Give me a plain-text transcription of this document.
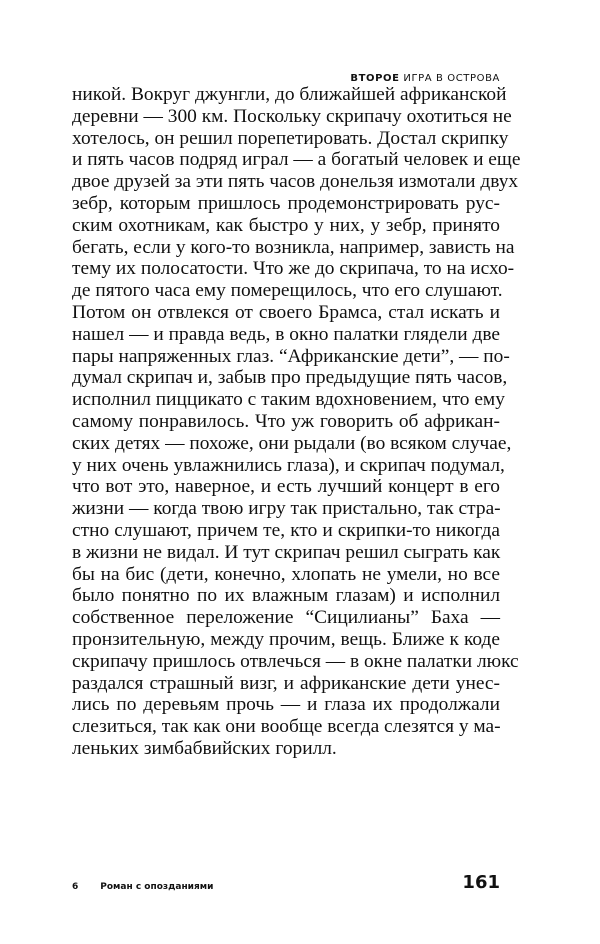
ВТОРОЕ ИГРА В ОСТРОВА
никой. Вокруг джунгли, до ближайшей африканской
деревни — 300 км. Поскольку скрипачу охотиться не
хотелось, он решил порепетировать. Достал скрипку
и пять часов подряд играл — а богатый человек и еще
двое друзей за эти пять часов донельзя измотали двух
зебр, которым пришлось продемонстрировать рус-
ским охотникам, как быстро у них, у зебр, принято
бегать, если у кого-то возникла, например, зависть на
тему их полосатости. Что же до скрипача, то на исхо-
де пятого часа ему померещилось, что его слушают.
Потом он отвлекся от своего Брамса, стал искать и
нашел — и правда ведь, в окно палатки глядели две
пары напряженных глаз. “Африканские дети”, — по-
думал скрипач и, забыв про предыдущие пять часов,
исполнил пиццикато с таким вдохновением, что ему
самому понравилось. Что уж говорить об африкан-
ских детях — похоже, они рыдали (во всяком случае,
у них очень увлажнились глаза), и скрипач подумал,
что вот это, наверное, и есть лучший концерт в его
жизни — когда твою игру так пристально, так стра-
стно слушают, причем те, кто и скрипки-то никогда
в жизни не видал. И тут скрипач решил сыграть как
бы на бис (дети, конечно, хлопать не умели, но все
было понятно по их влажным глазам) и исполнил
собственное переложение “Сицилианы” Баха —
пронзительную, между прочим, вещь. Ближе к коде
скрипачу пришлось отвлечься — в окне палатки люкс
раздался страшный визг, и африканские дети унес-
лись по деревьям прочь — и глаза их продолжали
слезиться, так как они вообще всегда слезятся у ма-
леньких зимбабвийских горилл.
6 Роман с опозданиями	161
